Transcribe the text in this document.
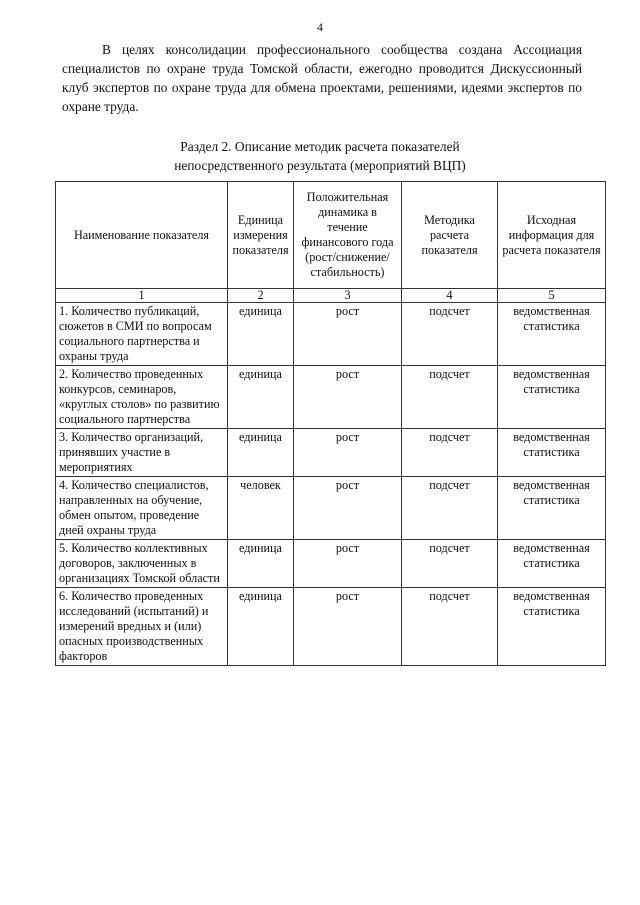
4

В целях консолидации профессионального сообщества создана Ассоциация специалистов по охране труда Томской области, ежегодно проводится Дискуссионный клуб экспертов по охране труда для обмена проектами, решениями, идеями экспертов по охране труда.

Раздел 2. Описание методик расчета показателей
непосредственного результата (мероприятий ВЦП)
Наименование показателя	Единица измерения показателя	Положительная динамика в течение финансового года (рост/снижение/ стабильность)	Методика расчета показателя	Исходная информация для расчета показателя
1	2	3	4	5
1. Количество публикаций, сюжетов в СМИ по вопросам социального партнерства и охраны труда	единица	рост	подсчет	ведомственная статистика
2. Количество проведенных конкурсов, семинаров, «круглых столов» по развитию социального партнерства	единица	рост	подсчет	ведомственная статистика
3. Количество организаций, принявших участие в мероприятиях	единица	рост	подсчет	ведомственная статистика
4. Количество специалистов, направленных на обучение, обмен опытом, проведение дней охраны труда	человек	рост	подсчет	ведомственная статистика
5. Количество коллективных договоров, заключенных в организациях Томской области	единица	рост	подсчет	ведомственная статистика
6. Количество проведенных исследований (испытаний) и измерений вредных и (или) опасных производственных факторов	единица	рост	подсчет	ведомственная статистика
